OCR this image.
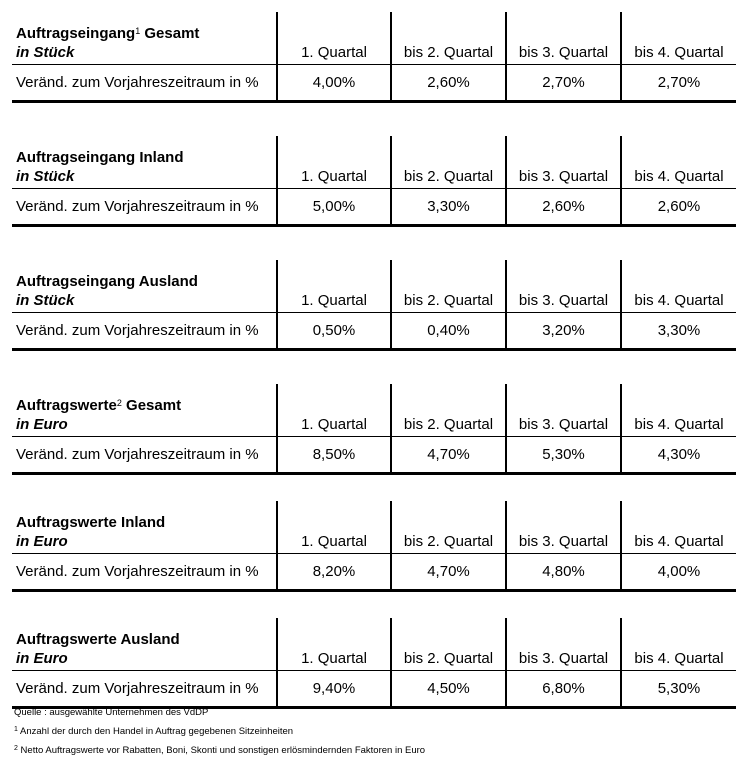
Auftragseingang$^1$ Gesamt
in Stück	1. Quartal	bis 2. Quartal	bis 3. Quartal	bis 4. Quartal
Veränd. zum Vorjahreszeitraum in %	4,00%	2,60%	2,70%	2,70%
Auftragseingang Inland
in Stück	1. Quartal	bis 2. Quartal	bis 3. Quartal	bis 4. Quartal
Veränd. zum Vorjahreszeitraum in %	5,00%	3,30%	2,60%	2,60%
Auftragseingang Ausland
in Stück	1. Quartal	bis 2. Quartal	bis 3. Quartal	bis 4. Quartal
Veränd. zum Vorjahreszeitraum in %	0,50%	0,40%	3,20%	3,30%
Auftragswerte$^2$ Gesamt
in Euro	1. Quartal	bis 2. Quartal	bis 3. Quartal	bis 4. Quartal
Veränd. zum Vorjahreszeitraum in %	8,50%	4,70%	5,30%	4,30%
Auftragswerte Inland
in Euro	1. Quartal	bis 2. Quartal	bis 3. Quartal	bis 4. Quartal
Veränd. zum Vorjahreszeitraum in %	8,20%	4,70%	4,80%	4,00%
Auftragswerte Ausland
in Euro	1. Quartal	bis 2. Quartal	bis 3. Quartal	bis 4. Quartal
Veränd. zum Vorjahreszeitraum in %	9,40%	4,50%	6,80%	5,30%
Quelle : ausgewählte Unternehmen des VdDP
$^1$ Anzahl der durch den Handel in Auftrag gegebenen Sitzeinheiten
$^2$ Netto Auftragswerte vor Rabatten, Boni, Skonti und sonstigen erlösmindernden Faktoren in Euro
